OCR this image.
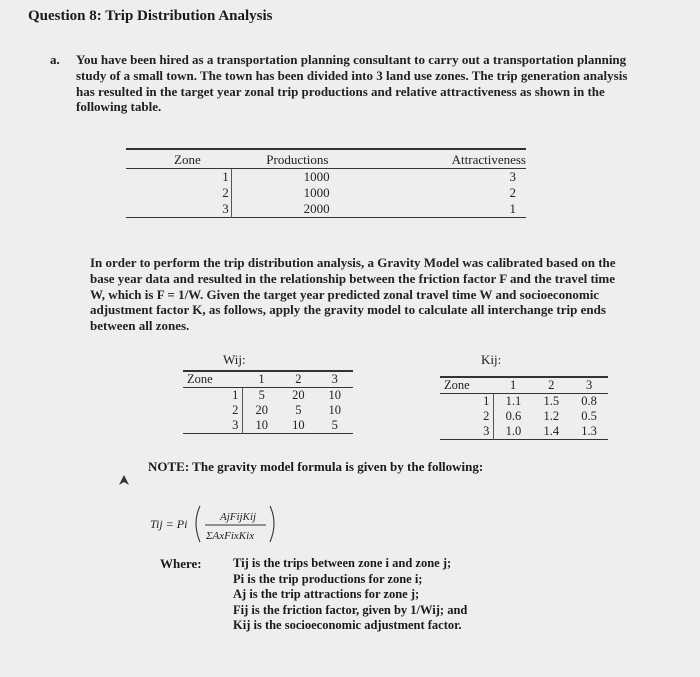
Question 8: Trip Distribution Analysis
a. You have been hired as a transportation planning consultant to carry out a transportation planning study of a small town. The town has been divided into 3 land use zones. The trip generation analysis has resulted in the target year zonal trip productions and relative attractiveness as shown in the following table.
Zone	Productions	Attractiveness
1	1000	3
2	1000	2
3	2000	1
In order to perform the trip distribution analysis, a Gravity Model was calibrated based on the base year data and resulted in the relationship between the friction factor F and the travel time W, which is F = 1/W. Given the target year predicted zonal travel time W and socioeconomic adjustment factor K, as follows, apply the gravity model to calculate all interchange trip ends between all zones.
Wij:
Zone	1	2	3
1	5	20	10
2	20	5	10
3	10	10	5
Kij:
Zone	1	2	3
1	1.1	1.5	0.8
2	0.6	1.2	0.5
3	1.0	1.4	1.3
NOTE: The gravity model formula is given by the following:
Tij = Pi	AjFijKij
ΣAxFixKix
Where:	Tij is the trips between zone i and zone j;
Pi is the trip productions for zone i;
Aj is the trip attractions for zone j;
Fij is the friction factor, given by 1/Wij; and
Kij is the socioeconomic adjustment factor.
